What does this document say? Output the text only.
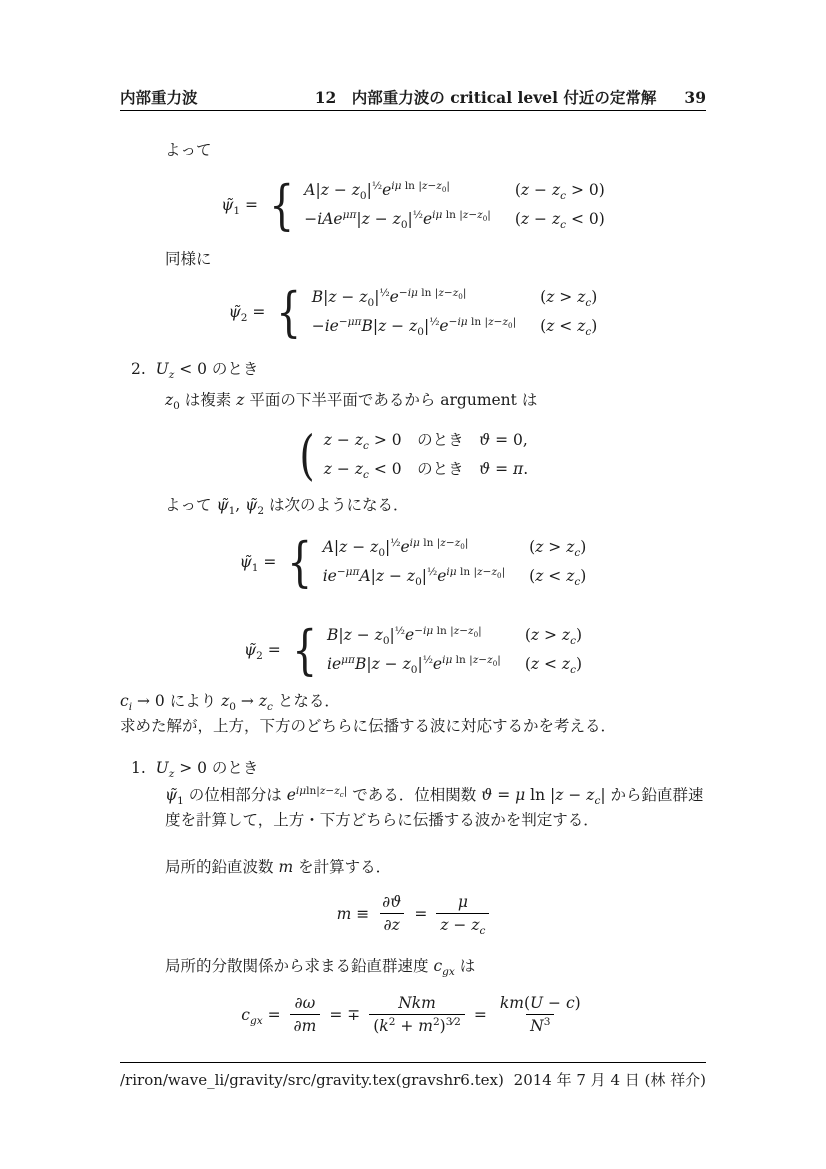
内部重力波	12　内部重力波の critical level 付近の定常解 39
よって
$\psĩ_1$ = { $A|z - z_0|^{\frac{1}{2}}e^{i\mu ln |z-z_0|}$	$(z - z_c > 0)$
$-iAe^{\mu\pi}|z - z_0|^{\frac{1}{2}}e^{i\mu ln |z-z_0|}$ $(z - z_c < 0)$
同様に
$\psĩ_2$ = { $B|z - z_0|^{\frac{1}{2}}e^{-i\mu ln |z-z_0|}$	$(z > z_c)$
$-ie^{-\mu\pi}B|z - z_0|^{\frac{1}{2}}e^{-i\mu ln |z-z_0|}$ $(z < z_c)$
2.  $U_z < 0$ のとき
$z_0$ は複素 z 平面の下半平面であるから argument は
( $z - z_c > 0$ のとき ϑ = 0,
$z - z_c < 0$ のとき ϑ = π.
よって $\psĩ_1$, $\psĩ_2$ は次のようになる．
$\psĩ_1$ = { $A|z - z_0|^{\frac{1}{2}}e^{i\mu ln |z-z_0|}$	$(z > z_c)$
$ie^{-\mu\pi}A|z - z_0|^{\frac{1}{2}}e^{i\mu ln |z-z_0|}$ $(z < z_c)$
$\psĩ_2$ = { $B|z - z_0|^{\frac{1}{2}}e^{-i\mu ln |z-z_0|}$	$(z > z_c)$
$ie^{\mu\pi}B|z - z_0|^{\frac{1}{2}}e^{i\mu ln |z-z_0|}$ $(z < z_c)$
$c_i \to 0$ により $z_0 \to z_c$ となる．
求めた解が，上方，下方のどちらに伝播する波に対応するかを考える．
1.  $U_z > 0$ のとき
$\psĩ_1$ の位相部分は $e^{i\mu ln|z-z_c|}$ である．位相関数 ϑ = μ $\ln |z - z_c|$ から鉛直群速
度を計算して，上方・下方どちらに伝播する波かを判定する．
局所的鉛直波数 m を計算する．
$m \equiv \frac{\partial ϑ}{\partial z} = \frac{\mu}{z - z_c}$
局所的分散関係から求まる鉛直群速度 $c_{gx}$ は
$c_{gx} = \frac{\partial\omega}{\partial m}$ = ∓ $\frac{\text{Nkm}}{(k^2 + m^2)^{3⁄2}} = \frac{km(U - c)}{N^3}$
/riron/wave_li/gravity/src/gravity.tex(gravshr6.tex) 2014 年 7 月 4 日 (林 祥介)
